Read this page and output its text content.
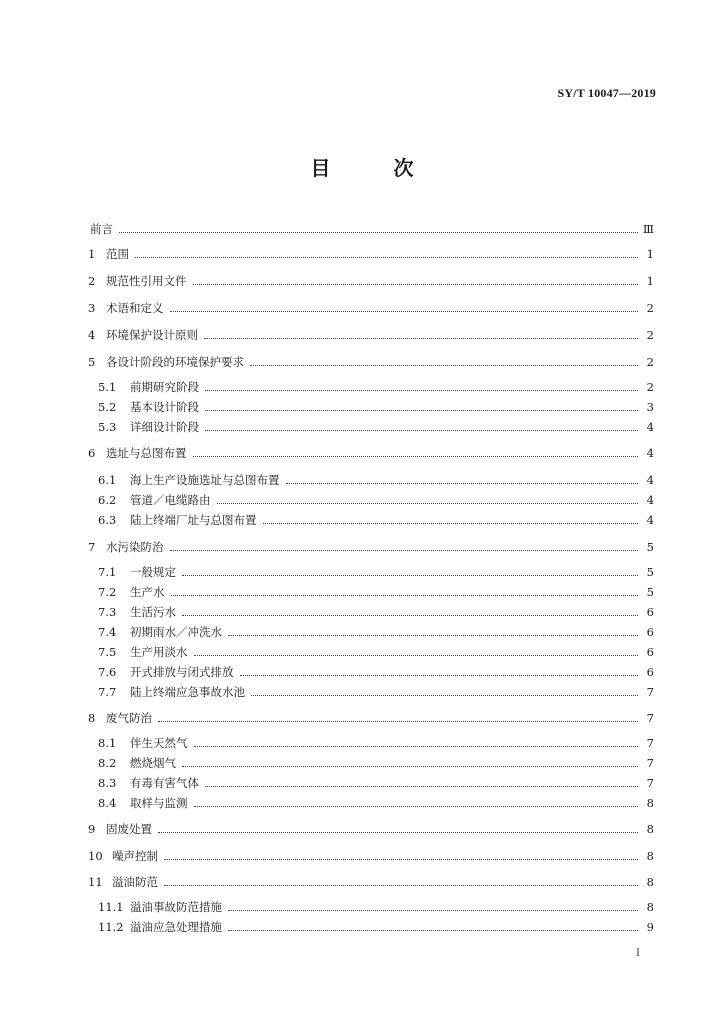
SY/T 10047—2019
目 次
前言	Ⅲ
1 范围	1
2 规范性引用文件	1
3 术语和定义	2
4 环境保护设计原则	2
5 各设计阶段的环境保护要求	2
5.1	前期研究阶段	2
5.2	基本设计阶段	3
5.3	详细设计阶段	4
6 选址与总图布置	4
6.1	海上生产设施选址与总图布置	4
6.2	管道／电缆路由	4
6.3	陆上终端厂址与总图布置	4
7 水污染防治	5
7.1	一般规定	5
7.2	生产水	5
7.3	生活污水	6
7.4	初期雨水／冲洗水	6
7.5	生产用淡水	6
7.6	开式排放与闭式排放	6
7.7	陆上终端应急事故水池	7
8 废气防治	7
8.1	伴生天然气	7
8.2	燃烧烟气	7
8.3	有毒有害气体	7
8.4	取样与监测	8
9 固废处置	8
10 噪声控制	8
11 溢油防范	8
11.1 溢油事故防范措施	8
11.2 溢油应急处理措施	9
I
